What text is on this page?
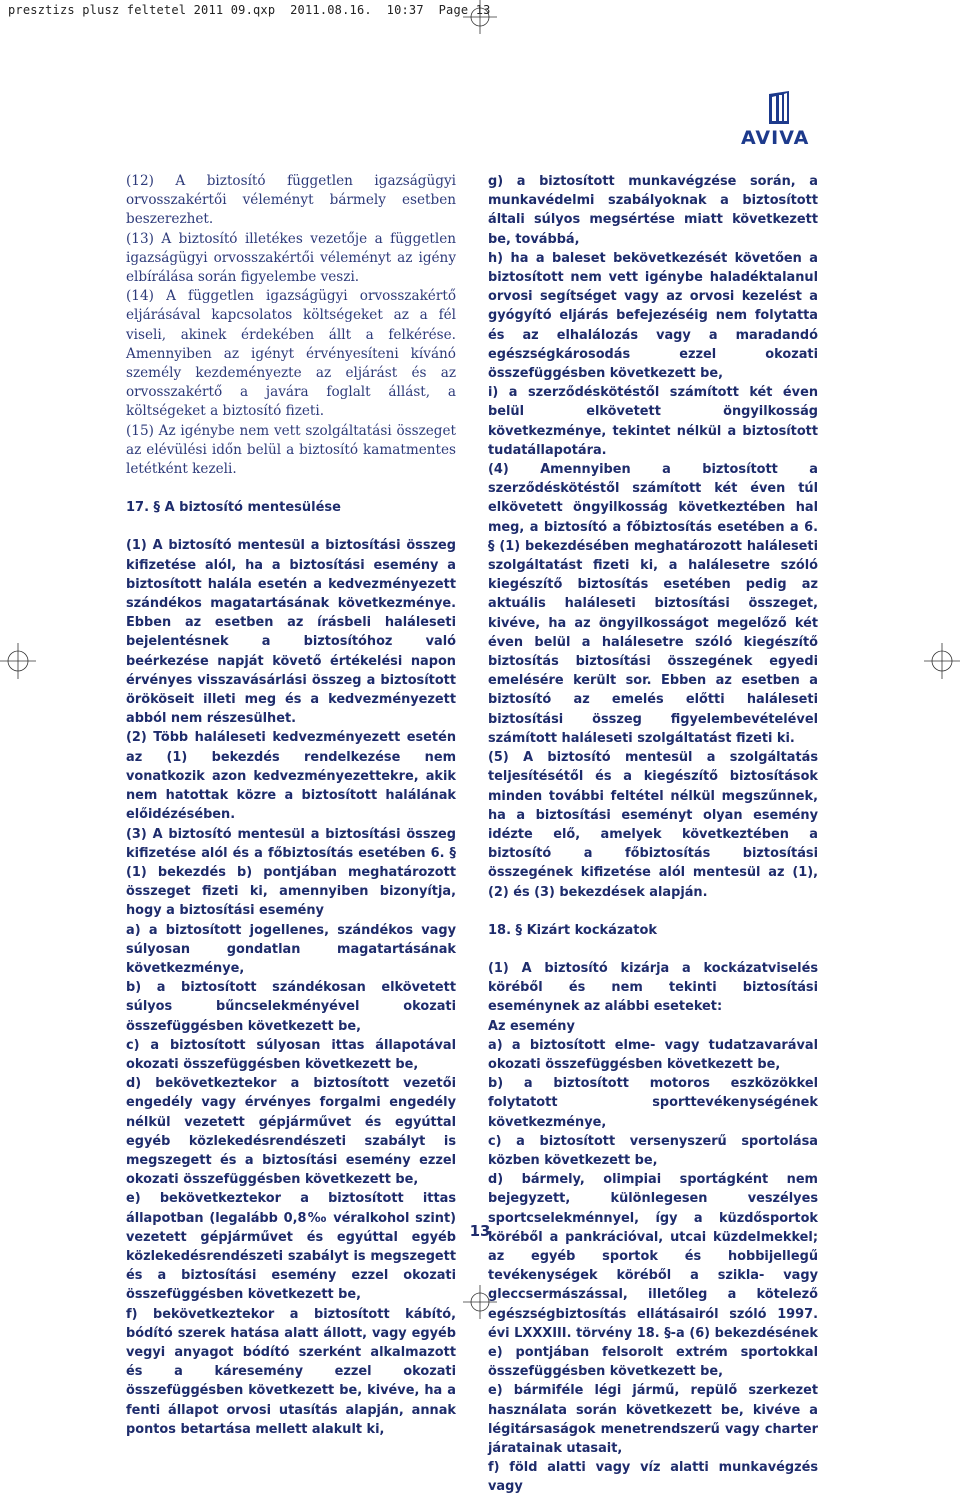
presztizs plusz feltetel 2011 09.qxp  2011.08.16.  10:37  Page 13
AVIVA

(12) A biztosító független igazságügyi orvosszakértői véleményt bármely esetben beszerezhet.

(13) A biztosító illetékes vezetője a független igazságügyi orvosszakértői véleményt az igény elbírálása során figyelembe veszi.

(14) A független igazságügyi orvosszakértő eljárásával kapcsolatos költségeket az a fél viseli, akinek érdekében állt a felkérése. Amennyiben az igényt érvényesíteni kívánó személy kezdeményezte az eljárást és az orvosszakértő a javára foglalt állást, a költségeket a biztosító fizeti.

(15) Az igénybe nem vett szolgáltatási összeget az elévülési időn belül a biztosító kamatmentes letétként kezeli.

17. § A biztosító mentesülése

(1) A biztosító mentesül a biztosítási összeg kifizetése alól, ha a biztosítási esemény a biztosított halála esetén a kedvezményezett szándékos magatartásának következménye. Ebben az esetben az írásbeli haláleseti bejelentésnek a biztosítóhoz való beérkezése napját követő értékelési napon érvényes visszavásárlási összeg a biztosított örököseit illeti meg és a kedvezményezett abból nem részesülhet.

(2) Több haláleseti kedvezményezett esetén az (1) bekezdés rendelkezése nem vonatkozik azon kedvezményezettekre, akik nem hatottak közre a biztosított halálának előidézésében.

(3) A biztosító mentesül a biztosítási összeg kifizetése alól és a főbiztosítás esetében 6. § (1) bekezdés b) pontjában meghatározott összeget fizeti ki, amennyiben bizonyítja, hogy a biztosítási esemény

a) a biztosított jogellenes, szándékos vagy súlyosan gondatlan magatartásának következménye,

b) a biztosított szándékosan elkövetett súlyos bűncselekményével okozati összefüggésben következett be,

c) a biztosított súlyosan ittas állapotával okozati összefüggésben következett be,

d) bekövetkeztekor a biztosított vezetői engedély vagy érvényes forgalmi engedély nélkül vezetett gépjárművet és egyúttal egyéb közlekedésrendészeti szabályt is megszegett és a biztosítási esemény ezzel okozati összefüggésben következett be,

e) bekövetkeztekor a biztosított ittas állapotban (legalább 0,8‰ véralkohol szint) vezetett gépjárművet és egyúttal egyéb közlekedésrendészeti szabályt is megszegett és a biztosítási esemény ezzel okozati összefüggésben következett be,

f) bekövetkeztekor a biztosított kábító, bódító szerek hatása alatt állott, vagy egyéb vegyi anyagot bódító szerként alkalmazott és a káresemény ezzel okozati összefüggésben következett be, kivéve, ha a fenti állapot orvosi utasítás alapján, annak pontos betartása mellett alakult ki,

g) a biztosított munkavégzése során, a munkavédelmi szabályoknak a biztosított általi súlyos megsértése miatt következett be, továbbá,

h) ha a baleset bekövetkezését követően a biztosított nem vett igénybe haladéktalanul orvosi segítséget vagy az orvosi kezelést a gyógyító eljárás befejezéséig nem folytatta és az elhalálozás vagy a maradandó egészségkárosodás ezzel okozati összefüggésben következett be,

i) a szerződéskötéstől számított két éven belül elkövetett öngyilkosság következménye, tekintet nélkül a biztosított tudatállapotára.

(4) Amennyiben a biztosított a szerződéskötéstől számított két éven túl elkövetett öngyilkosság következtében hal meg, a biztosító a főbiztosítás esetében a 6. § (1) bekezdésében meghatározott haláleseti szolgáltatást fizeti ki, a halálesetre szóló kiegészítő biztosítás esetében pedig az aktuális haláleseti biztosítási összeget, kivéve, ha az öngyilkosságot megelőző két éven belül a halálesetre szóló kiegészítő biztosítás biztosítási összegének egyedi emelésére került sor. Ebben az esetben a biztosító az emelés előtti haláleseti biztosítási összeg figyelembevételével számított haláleseti szolgáltatást fizeti ki.

(5) A biztosító mentesül a szolgáltatás teljesítésétől és a kiegészítő biztosítások minden további feltétel nélkül megszűnnek, ha a biztosítási eseményt olyan esemény idézte elő, amelyek következtében a biztosító a főbiztosítás biztosítási összegének kifizetése alól mentesül az (1), (2) és (3) bekezdések alapján.

18. § Kizárt kockázatok

(1) A biztosító kizárja a kockázatviselés köréből és nem tekinti biztosítási eseménynek az alábbi eseteket:

Az esemény

a) a biztosított elme- vagy tudatzavarával okozati összefüggésben következett be,

b) a biztosított motoros eszközökkel folytatott sporttevékenységének következménye,

c) a biztosított versenyszerű sportolása közben következett be,

d) bármely, olimpiai sportágként nem bejegyzett, különlegesen veszélyes sportcselekménnyel, így a küzdősportok köréből a pankrációval, utcai küzdelmekkel; az egyéb sportok és hobbijellegű tevékenységek köréből a szikla- vagy gleccsermászással, illetőleg a kötelező egészségbiztosítás ellátásairól szóló 1997. évi LXXXIII. törvény 18. §-a (6) bekezdésének e) pontjában felsorolt extrém sportokkal összefüggésben következett be,

e) bármiféle légi jármű, repülő szerkezet használata során következett be, kivéve a légitársaságok menetrendszerű vagy charter járatainak utasait,

f) föld alatti vagy víz alatti munkavégzés vagy

13
